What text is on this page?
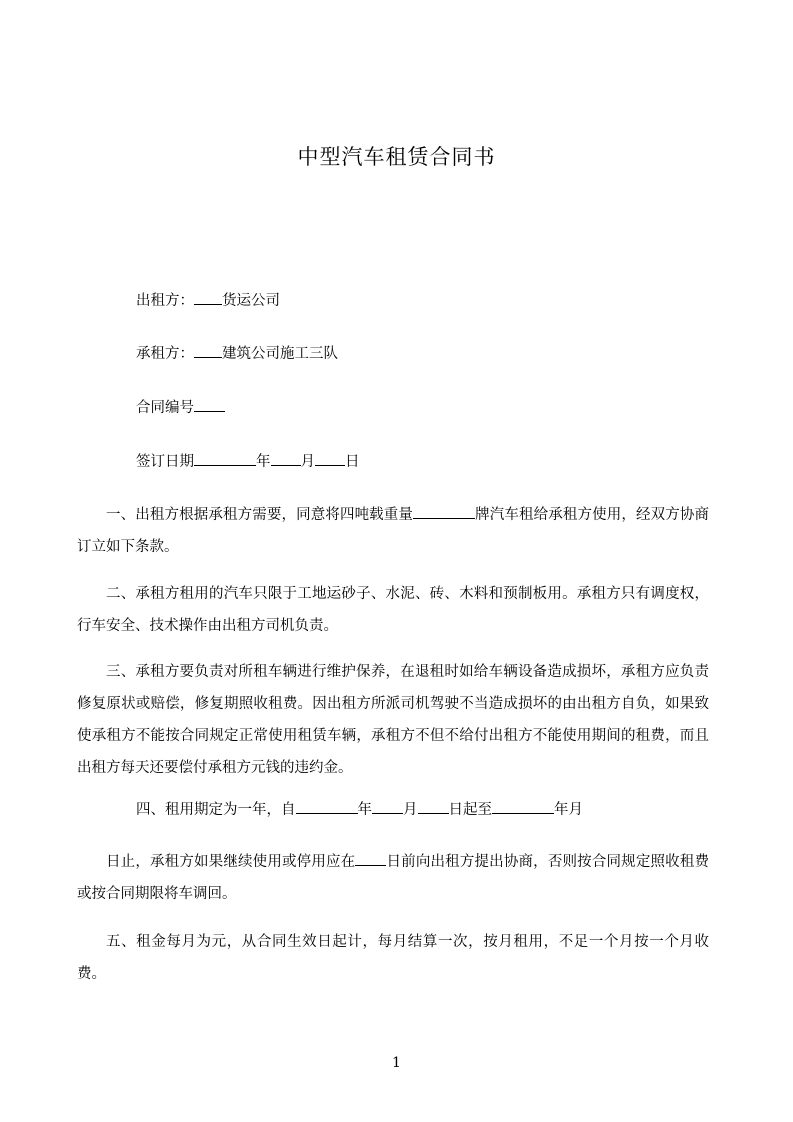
中型汽车租赁合同书
出租方： 货运公司
承租方： 建筑公司施工三队
合同编号
签订日期	年 月 日
一、出租方根据承租方需要，同意将四吨载重量	牌汽车租给承租方使用，经双方协商订立如下条款。
二、承租方租用的汽车只限于工地运砂子、水泥、砖、木料和预制板用。承租方只有调度权，行车安全、技术操作由出租方司机负责。
三、承租方要负责对所租车辆进行维护保养，在退租时如给车辆设备造成损坏，承租方应负责修复原状或赔偿，修复期照收租费。因出租方所派司机驾驶不当造成损坏的由出租方自负，如果致使承租方不能按合同规定正常使用租赁车辆，承租方不但不给付出租方不能使用期间的租费，而且出租方每天还要偿付承租方元钱的违约金。
四、租用期定为一年，自	年 月 日起至	年月
日止，承租方如果继续使用或停用应在 日前向出租方提出协商，否则按合同规定照收租费或按合同期限将车调回。
五、租金每月为元，从合同生效日起计，每月结算一次，按月租用，不足一个月按一个月收费。
1
